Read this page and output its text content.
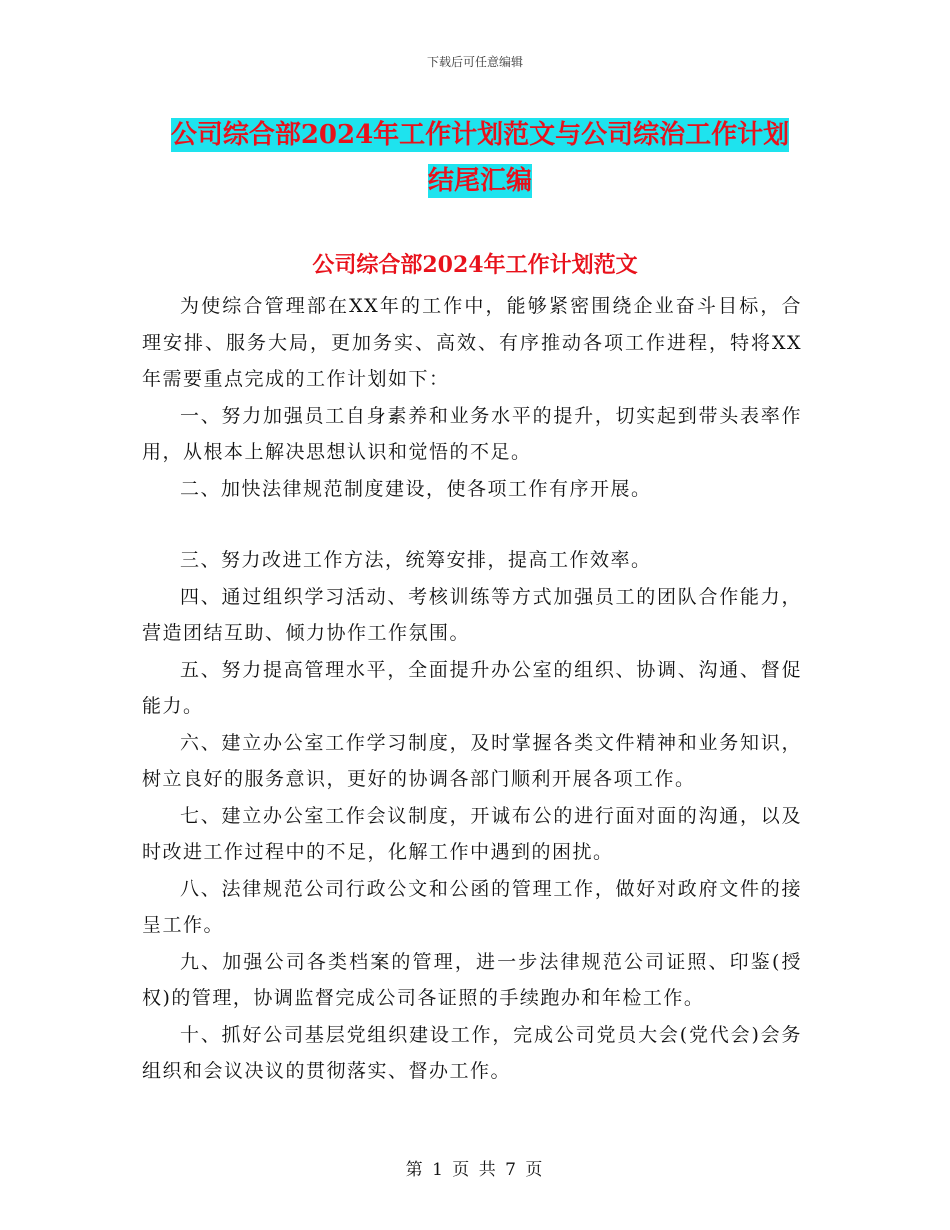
下载后可任意编辑
公司综合部2024年工作计划范文与公司综治工作计划
结尾汇编
公司综合部2024年工作计划范文

为使综合管理部在XX年的工作中，能够紧密围绕企业奋斗目标，合理安排、服务大局，更加务实、高效、有序推动各项工作进程，特将XX年需要重点完成的工作计划如下：

一、努力加强员工自身素养和业务水平的提升，切实起到带头表率作用，从根本上解决思想认识和觉悟的不足。

二、加快法律规范制度建设，使各项工作有序开展。

三、努力改进工作方法，统筹安排，提高工作效率。

四、通过组织学习活动、考核训练等方式加强员工的团队合作能力，营造团结互助、倾力协作工作氛围。

五、努力提高管理水平，全面提升办公室的组织、协调、沟通、督促能力。

六、建立办公室工作学习制度，及时掌握各类文件精神和业务知识，树立良好的服务意识，更好的协调各部门顺利开展各项工作。

七、建立办公室工作会议制度，开诚布公的进行面对面的沟通，以及时改进工作过程中的不足，化解工作中遇到的困扰。

八、法律规范公司行政公文和公函的管理工作，做好对政府文件的接呈工作。

九、加强公司各类档案的管理，进一步法律规范公司证照、印鉴(授权)的管理，协调监督完成公司各证照的手续跑办和年检工作。

十、抓好公司基层党组织建设工作，完成公司党员大会(党代会)会务组织和会议决议的贯彻落实、督办工作。

第 1 页 共 7 页
